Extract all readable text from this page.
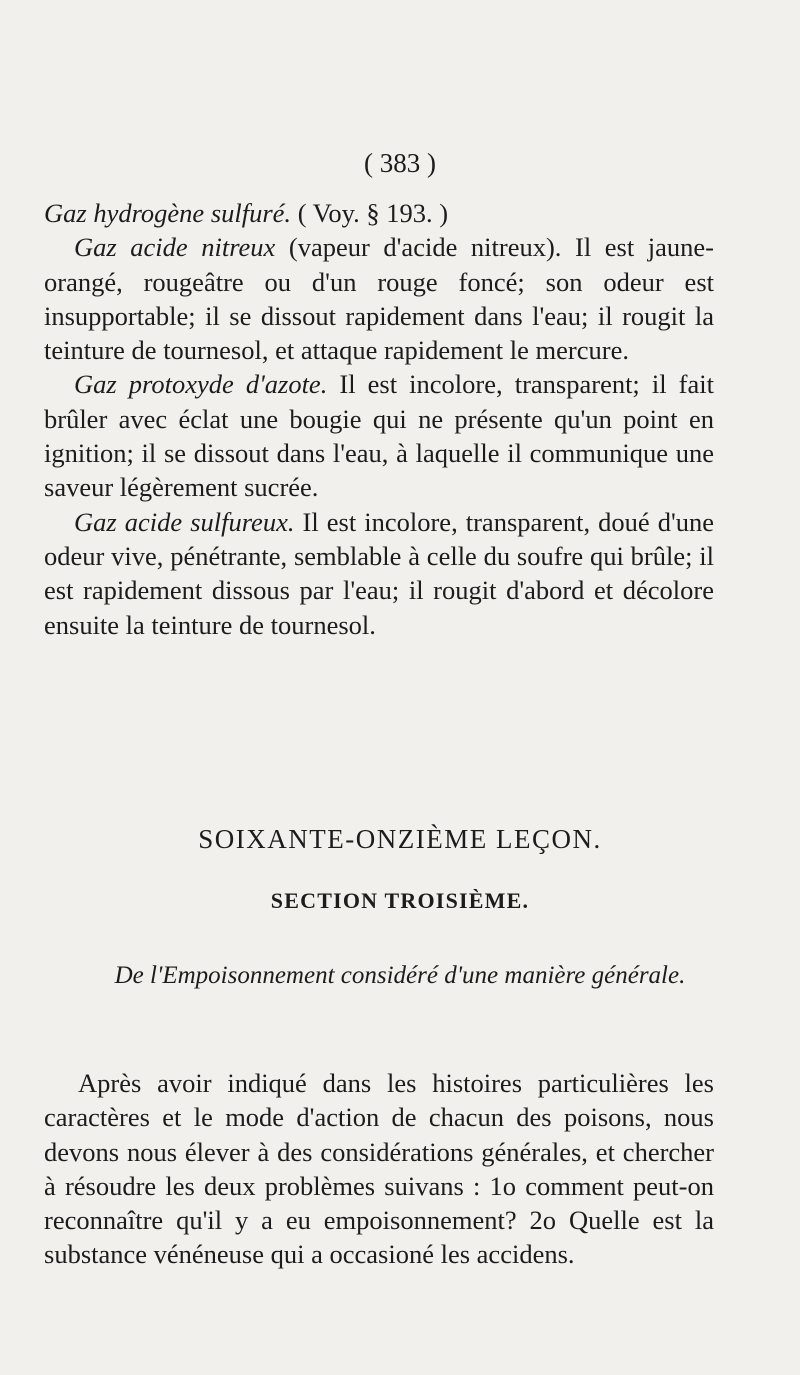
( 383 )

Gaz hydrogène sulfuré. ( Voy. § 193. )

Gaz acide nitreux (vapeur d'acide nitreux). Il est jaune-orangé, rougeâtre ou d'un rouge foncé; son odeur est insupportable; il se dissout rapidement dans l'eau; il rougit la teinture de tournesol, et attaque rapidement le mercure.

Gaz protoxyde d'azote. Il est incolore, transparent; il fait brûler avec éclat une bougie qui ne présente qu'un point en ignition; il se dissout dans l'eau, à laquelle il communique une saveur légèrement sucrée.

Gaz acide sulfureux. Il est incolore, transparent, doué d'une odeur vive, pénétrante, semblable à celle du soufre qui brûle; il est rapidement dissous par l'eau; il rougit d'abord et décolore ensuite la teinture de tournesol.

SOIXANTE-ONZIÈME LEÇON.
SECTION TROISIÈME.
De l'Empoisonnement considéré d'une manière générale.

Après avoir indiqué dans les histoires particulières les caractères et le mode d'action de chacun des poisons, nous devons nous élever à des considérations générales, et chercher à résoudre les deux problèmes suivans : 1o comment peut-on reconnaître qu'il y a eu empoisonnement? 2o Quelle est la substance vénéneuse qui a occasioné les accidens.
